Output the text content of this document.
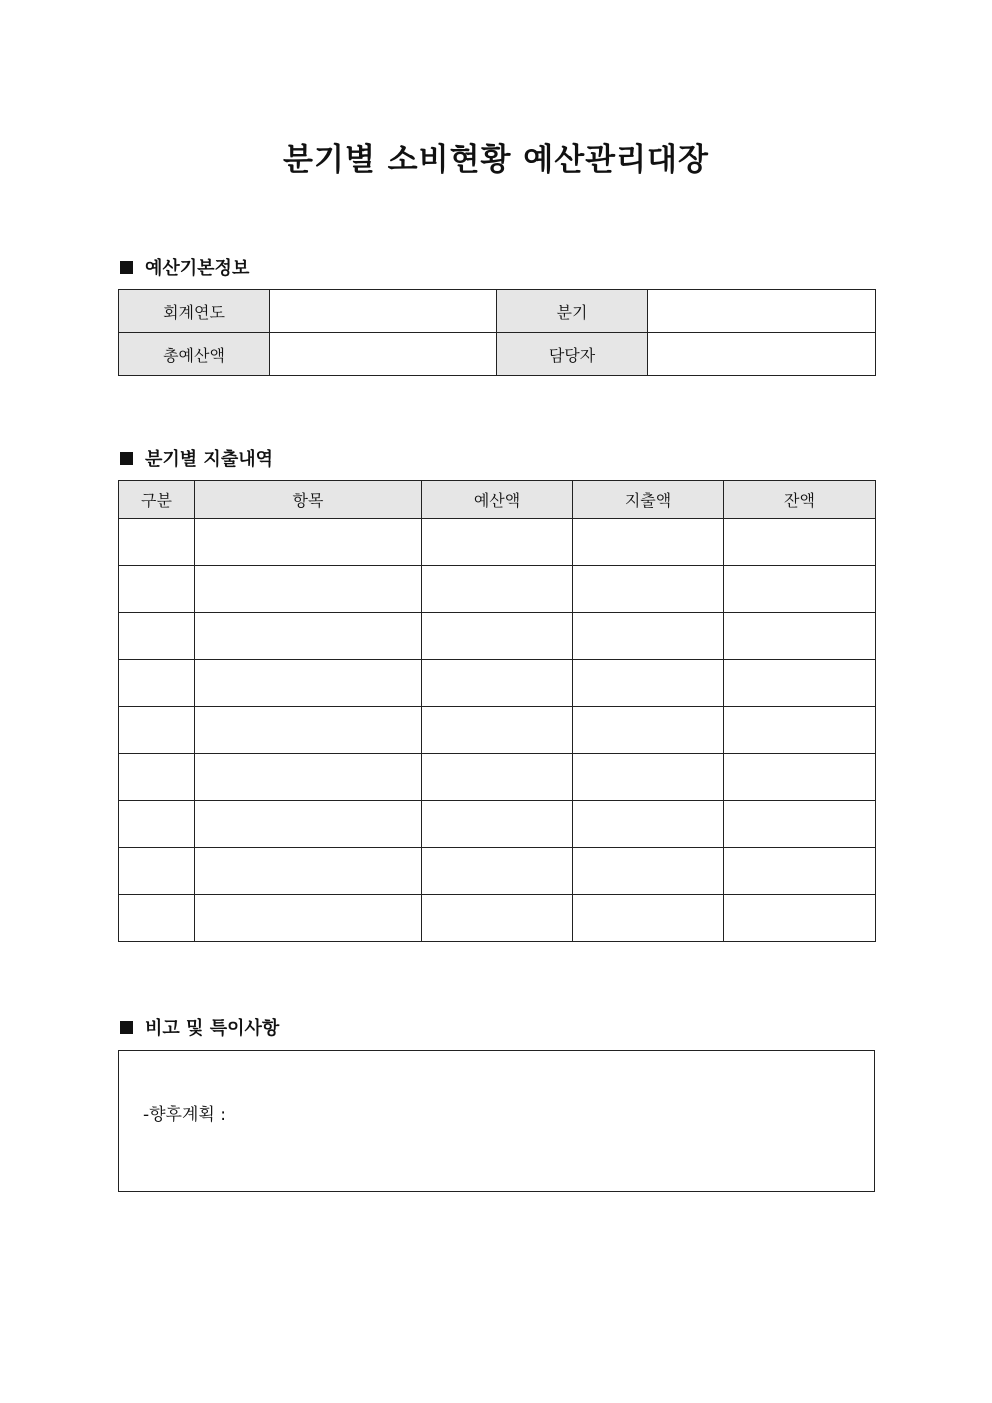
분기별 소비현황 예산관리대장
예산기본정보
회계연도		분기	
총예산액		담당자	
분기별 지출내역
구분	항목	예산액	지출액	잔액

비고 및 특이사항
-향후계획 :
